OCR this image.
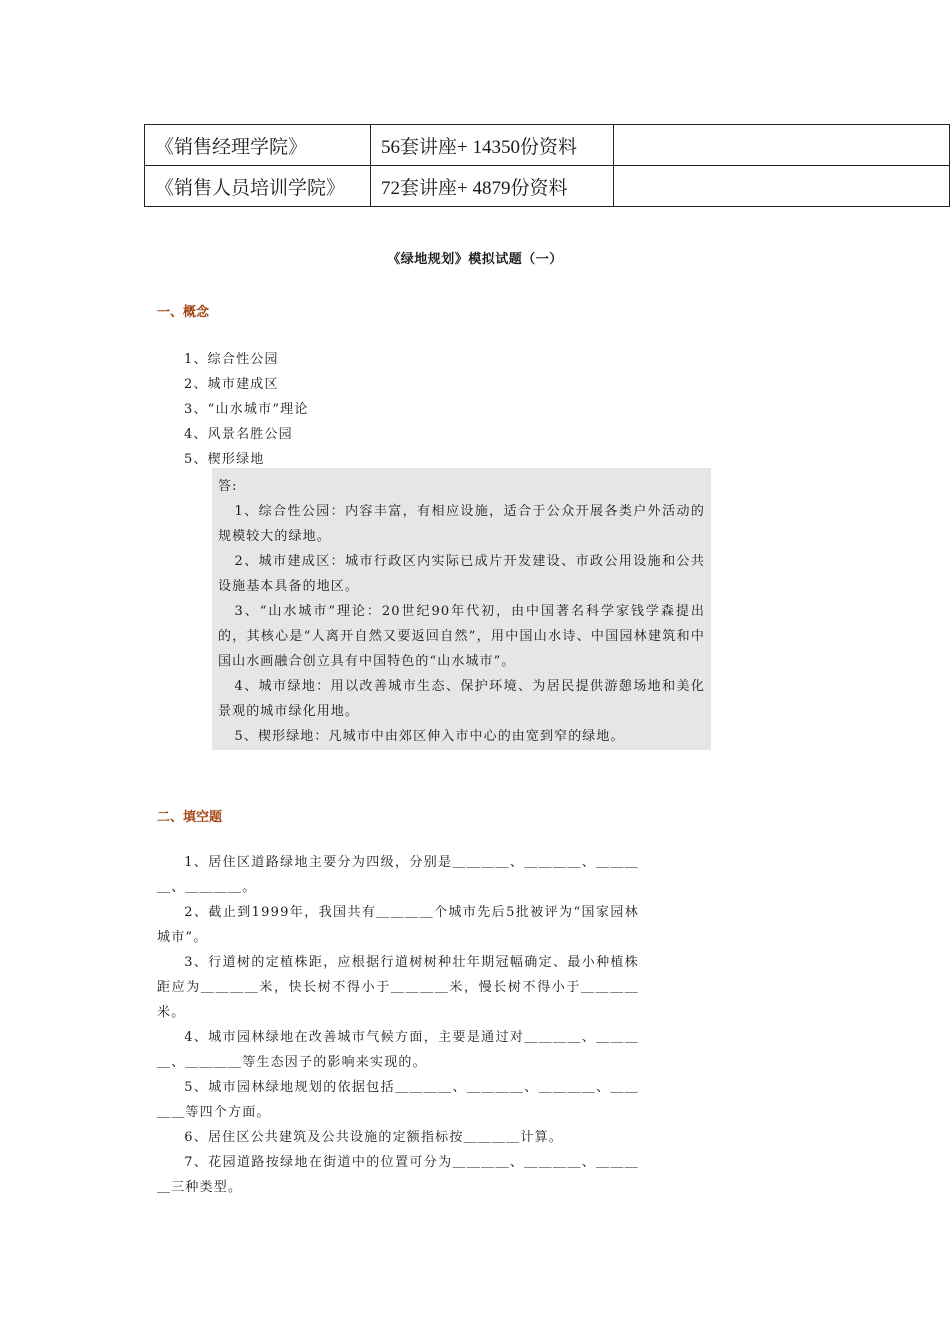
《销售经理学院》	56套讲座+ 14350份资料	
《销售人员培训学院》	72套讲座+ 4879份资料	
《绿地规划》模拟试题（一）
一、概念
1、综合性公园
2、城市建成区
3、“山水城市”理论
4、风景名胜公园
5、楔形绿地

答:

1、综合性公园：内容丰富，有相应设施，适合于公众开展各类户外活动的规模较大的绿地。

2、城市建成区：城市行政区内实际已成片开发建设、市政公用设施和公共设施基本具备的地区。

3、“山水城市”理论：20世纪90年代初，由中国著名科学家钱学森提出的，其核心是“人离开自然又要返回自然”，用中国山水诗、中国园林建筑和中国山水画融合创立具有中国特色的“山水城市”。

4、城市绿地：用以改善城市生态、保护环境、为居民提供游憩场地和美化景观的城市绿化用地。

5、楔形绿地：凡城市中由郊区伸入市中心的由宽到窄的绿地。

二、填空题

1、居住区道路绿地主要分为四级，分别是＿＿＿＿、＿＿＿＿、＿＿＿＿、＿＿＿＿。

2、截止到1999年，我国共有＿＿＿＿个城市先后5批被评为“国家园林城市”。

3、行道树的定植株距，应根据行道树树种壮年期冠幅确定、最小种植株距应为＿＿＿＿米，快长树不得小于＿＿＿＿米，慢长树不得小于＿＿＿＿米。

4、城市园林绿地在改善城市气候方面，主要是通过对＿＿＿＿、＿＿＿＿、＿＿＿＿等生态因子的影响来实现的。

5、城市园林绿地规划的依据包括＿＿＿＿、＿＿＿＿、＿＿＿＿、＿＿＿＿等四个方面。

6、居住区公共建筑及公共设施的定额指标按＿＿＿＿计算。

7、花园道路按绿地在街道中的位置可分为＿＿＿＿、＿＿＿＿、＿＿＿＿三种类型。
